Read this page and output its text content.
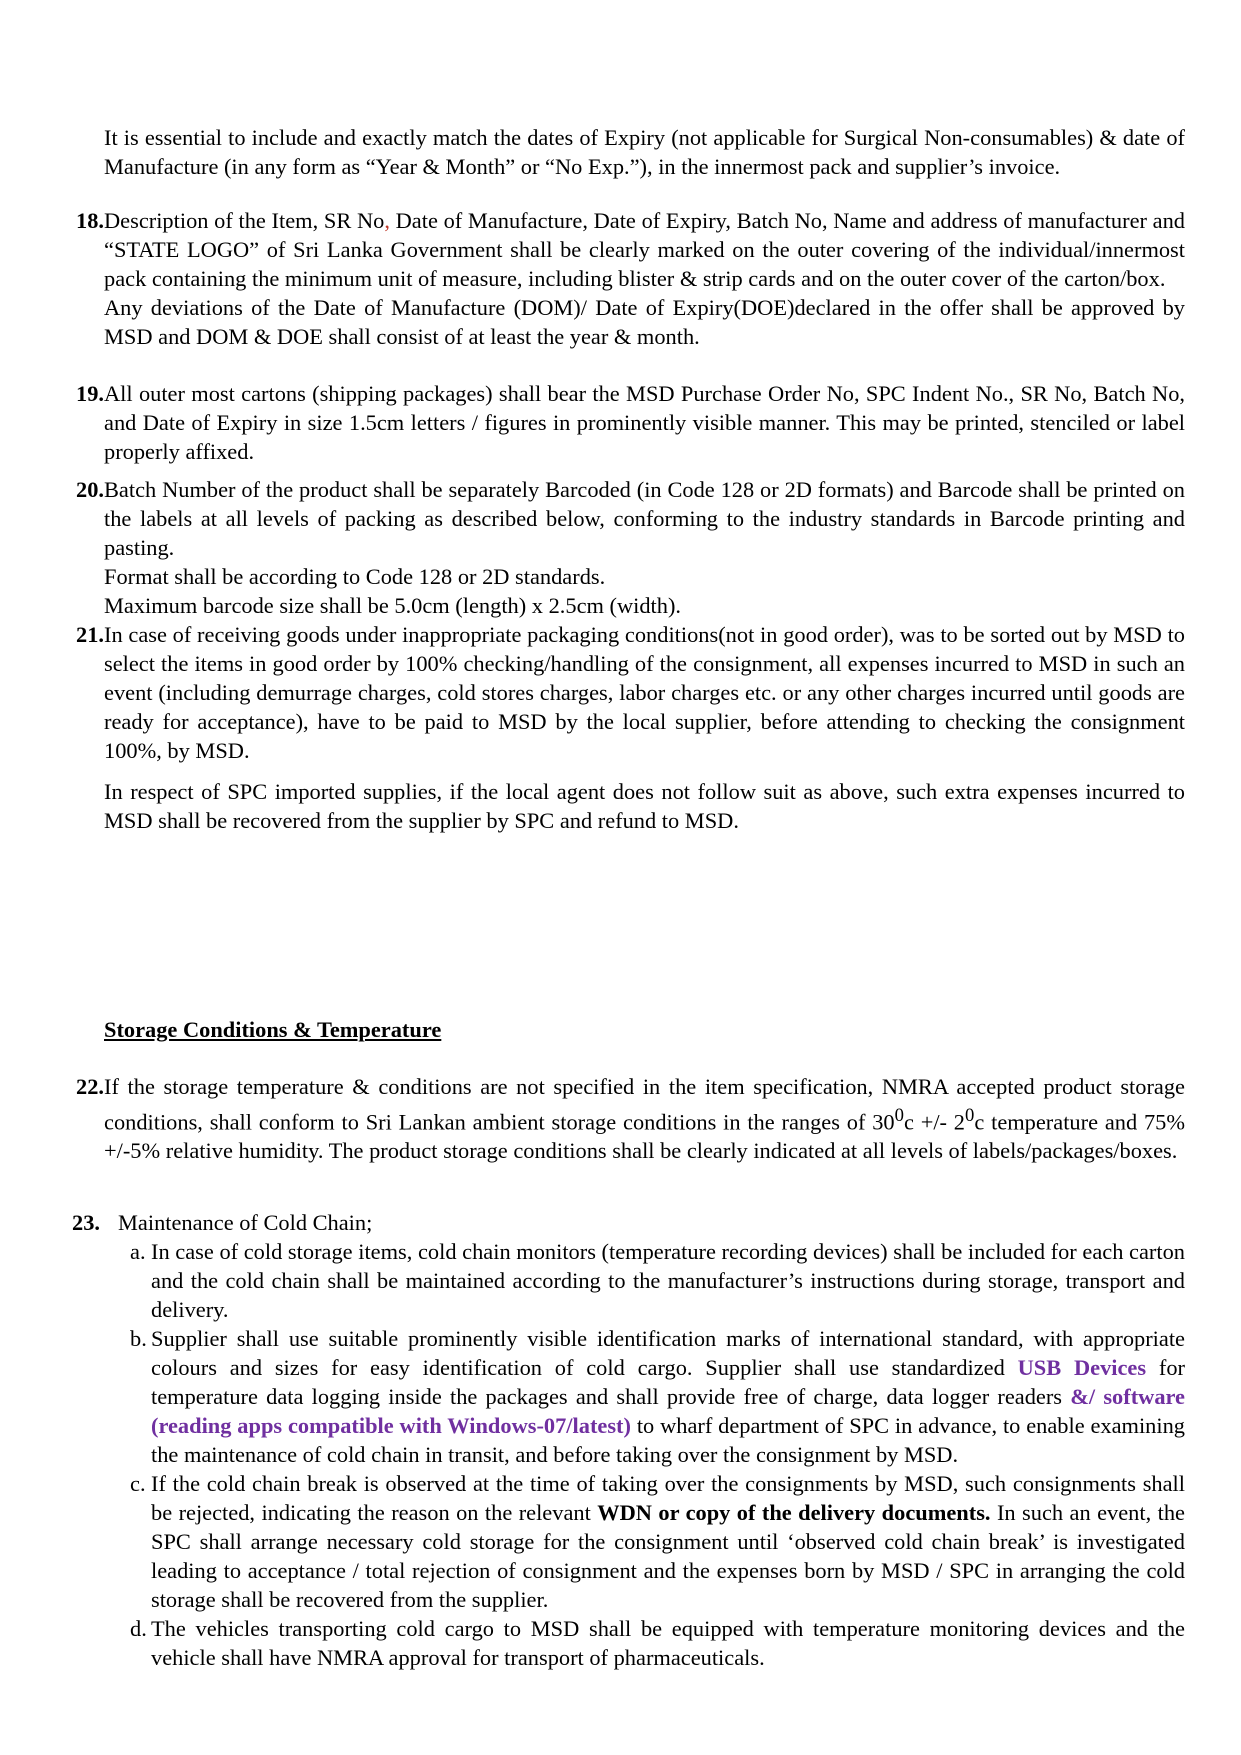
It is essential to include and exactly match the dates of Expiry (not applicable for Surgical Non-consumables) & date of Manufacture (in any form as “Year & Month” or “No Exp.”), in the innermost pack and supplier’s invoice.
18. Description of the Item, SR No, Date of Manufacture, Date of Expiry, Batch No, Name and address of manufacturer and “STATE LOGO” of Sri Lanka Government shall be clearly marked on the outer covering of the individual/innermost pack containing the minimum unit of measure, including blister & strip cards and on the outer cover of the carton/box.

Any deviations of the Date of Manufacture (DOM)/ Date of Expiry(DOE)declared in the offer shall be approved by MSD and DOM & DOE shall consist of at least the year & month.

19. All outer most cartons (shipping packages) shall bear the MSD Purchase Order No, SPC Indent No., SR No, Batch No, and Date of Expiry in size 1.5cm letters / figures in prominently visible manner. This may be printed, stenciled or label properly affixed.

20. Batch Number of the product shall be separately Barcoded (in Code 128 or 2D formats) and Barcode shall be printed on the labels at all levels of packing as described below, conforming to the industry standards in Barcode printing and pasting.

Format shall be according to Code 128 or 2D standards.

Maximum barcode size shall be 5.0cm (length) x 2.5cm (width).

21. In case of receiving goods under inappropriate packaging conditions(not in good order), was to be sorted out by MSD to select the items in good order by 100% checking/handling of the consignment, all expenses incurred to MSD in such an event (including demurrage charges, cold stores charges, labor charges etc. or any other charges incurred until goods are ready for acceptance), have to be paid to MSD by the local supplier, before attending to checking the consignment 100%, by MSD.

In respect of SPC imported supplies, if the local agent does not follow suit as above, such extra expenses incurred to MSD shall be recovered from the supplier by SPC and refund to MSD.

Storage Conditions & Temperature
22. If the storage temperature & conditions are not specified in the item specification, NMRA accepted product storage conditions, shall conform to Sri Lankan ambient storage conditions in the ranges of $30^0c$ +/- $2^0c$ temperature and 75% +/-5% relative humidity. The product storage conditions shall be clearly indicated at all levels of labels/packages/boxes.

23. Maintenance of Cold Chain;
a. In case of cold storage items, cold chain monitors (temperature recording devices) shall be included for each carton and the cold chain shall be maintained according to the manufacturer’s instructions during storage, transport and delivery.
b. Supplier shall use suitable prominently visible identification marks of international standard, with appropriate colours and sizes for easy identification of cold cargo. Supplier shall use standardized USB Devices for temperature data logging inside the packages and shall provide free of charge, data logger readers &/ software (reading apps compatible with Windows-07/latest) to wharf department of SPC in advance, to enable examining the maintenance of cold chain in transit, and before taking over the consignment by MSD.
c. If the cold chain break is observed at the time of taking over the consignments by MSD, such consignments shall be rejected, indicating the reason on the relevant WDN or copy of the delivery documents. In such an event, the SPC shall arrange necessary cold storage for the consignment until ‘observed cold chain break’ is investigated leading to acceptance / total rejection of consignment and the expenses born by MSD / SPC in arranging the cold storage shall be recovered from the supplier.
d. The vehicles transporting cold cargo to MSD shall be equipped with temperature monitoring devices and the vehicle shall have NMRA approval for transport of pharmaceuticals.
